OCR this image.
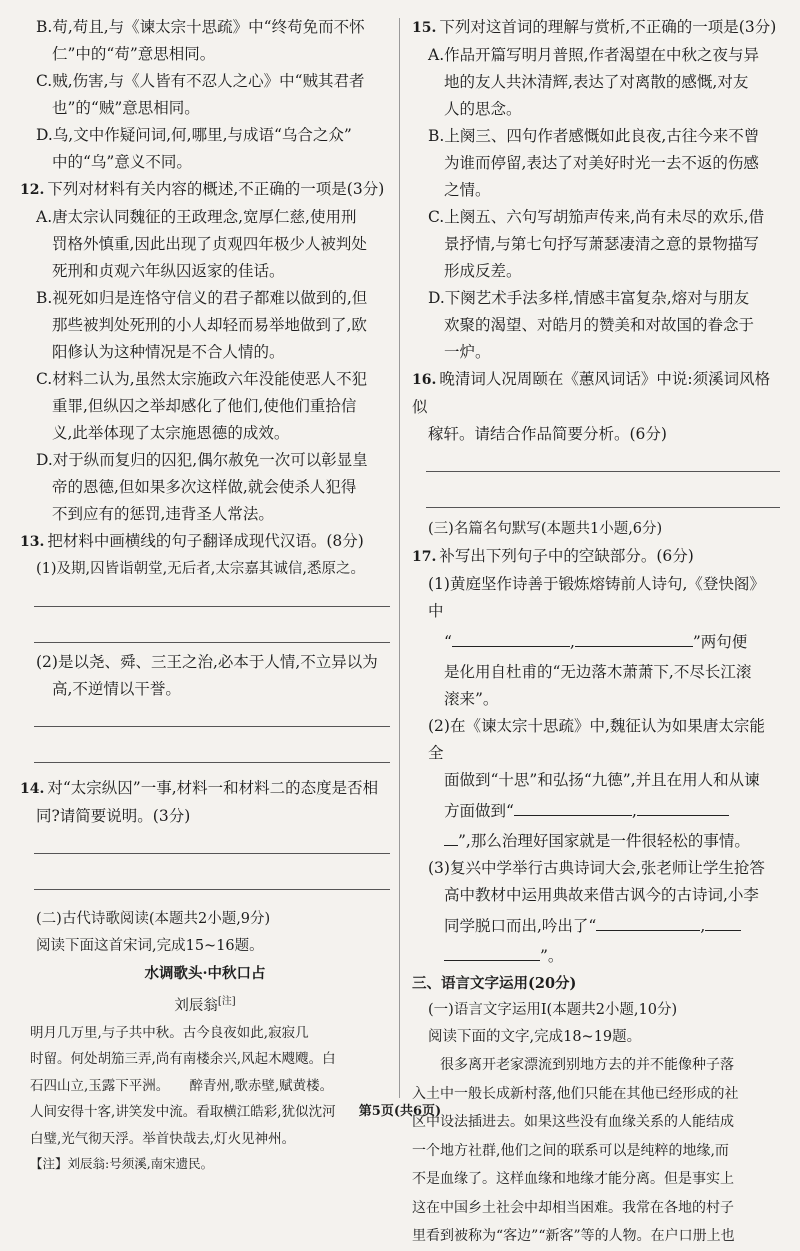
B.苟,苟且,与《谏太宗十思疏》中“终苟免而不怀

仁”中的“苟”意思相同。

C.贼,伤害,与《人皆有不忍人之心》中“贼其君者

也”的“贼”意思相同。

D.乌,文中作疑问词,何,哪里,与成语“乌合之众”

中的“乌”意义不同。

12. 下列对材料有关内容的概述,不正确的一项是(3分)

A.唐太宗认同魏征的王政理念,宽厚仁慈,使用刑

罚格外慎重,因此出现了贞观四年极少人被判处

死刑和贞观六年纵囚返家的佳话。

B.视死如归是连恪守信义的君子都难以做到的,但

那些被判处死刑的小人却轻而易举地做到了,欧

阳修认为这种情况是不合人情的。

C.材料二认为,虽然太宗施政六年没能使恶人不犯

重罪,但纵囚之举却感化了他们,使他们重拾信

义,此举体现了太宗施恩德的成效。

D.对于纵而复归的囚犯,偶尔赦免一次可以彰显皇

帝的恩德,但如果多次这样做,就会使杀人犯得

不到应有的惩罚,违背圣人常法。

13. 把材料中画横线的句子翻译成现代汉语。(8分)

(1)及期,囚皆诣朝堂,无后者,太宗嘉其诚信,悉原之。

(2)是以尧、舜、三王之治,必本于人情,不立异以为

高,不逆情以干誉。

14. 对“太宗纵囚”一事,材料一和材料二的态度是否相

同?请简要说明。(3分)

(二)古代诗歌阅读(本题共2小题,9分)

阅读下面这首宋词,完成15~16题。

水调歌头·中秋口占

刘辰翁[注]

明月几万里,与子共中秋。古今良夜如此,寂寂几

时留。何处胡笳三弄,尚有南楼余兴,风起木飕飕。白

石四山立,玉露下平洲。　　醉青州,歌赤壁,赋黄楼。

人间安得十客,讲笑发中流。看取横江皓彩,犹似沈河

白璧,光气彻天浮。举首快哉去,灯火见神州。

【注】刘辰翁:号须溪,南宋遗民。

15. 下列对这首词的理解与赏析,不正确的一项是(3分)

A.作品开篇写明月普照,作者渴望在中秋之夜与异

地的友人共沐清辉,表达了对离散的感慨,对友

人的思念。

B.上阕三、四句作者感慨如此良夜,古往今来不曾

为谁而停留,表达了对美好时光一去不返的伤感

之情。

C.上阕五、六句写胡笳声传来,尚有未尽的欢乐,借

景抒情,与第七句抒写萧瑟凄清之意的景物描写

形成反差。

D.下阕艺术手法多样,情感丰富复杂,熔对与朋友

欢聚的渴望、对皓月的赞美和对故国的眷念于

一炉。

16. 晚清词人况周颐在《蕙风词话》中说:须溪词风格似

稼轩。请结合作品简要分析。(6分)

(三)名篇名句默写(本题共1小题,6分)

17. 补写出下列句子中的空缺部分。(6分)

(1)黄庭坚作诗善于锻炼熔铸前人诗句,《登快阁》中

“	,	”两句便

是化用自杜甫的“无边落木萧萧下,不尽长江滚

滚来”。

(2)在《谏太宗十思疏》中,魏征认为如果唐太宗能全

面做到“十思”和弘扬“九德”,并且在用人和从谏

方面做到“	,

”,那么治理好国家就是一件很轻松的事情。

(3)复兴中学举行古典诗词大会,张老师让学生抢答

高中教材中运用典故来借古讽今的古诗词,小李

同学脱口而出,吟出了“	,

”。

三、语言文字运用(20分)

(一)语言文字运用Ⅰ(本题共2小题,10分)

阅读下面的文字,完成18~19题。

很多离开老家漂流到别地方去的并不能像种子落

入土中一般长成新村落,他们只能在其他已经形成的社

区中设法插进去。如果这些没有血缘关系的人能结成

一个地方社群,他们之间的联系可以是纯粹的地缘,而

不是血缘了。这样血缘和地缘才能分离。但是事实上

这在中国乡土社会中却相当困难。我常在各地的村子

里看到被称为“客边”“新客”等的人物。在户口册上也

第5页(共6页)
